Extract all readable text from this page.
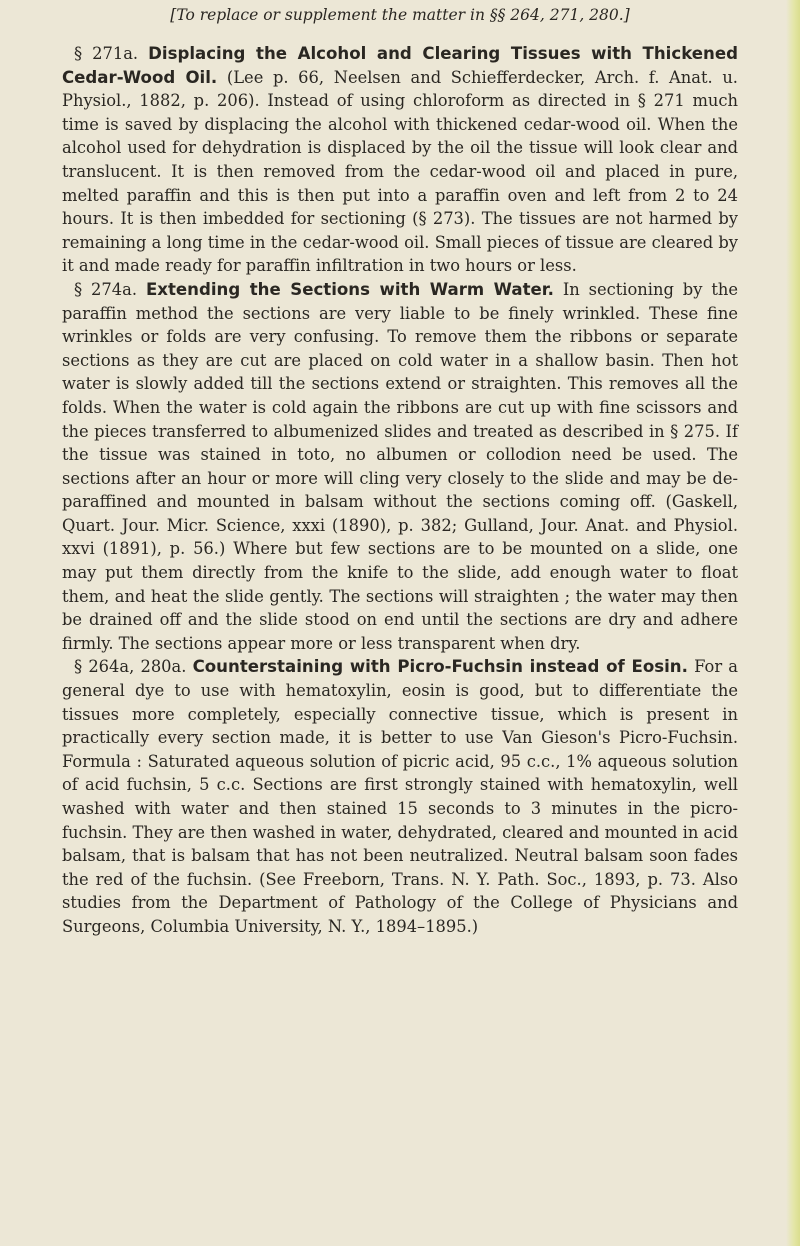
[To replace or supplement the matter in §§ 264, 271, 280.]

§ 271a. Displacing the Alcohol and Clearing Tissues with Thickened Cedar-Wood Oil. (Lee p. 66, Neelsen and Schiefferdecker, Arch. f. Anat. u. Physiol., 1882, p. 206). Instead of using chloroform as directed in § 271 much time is saved by displacing the alcohol with thickened cedar-wood oil. When the alcohol used for dehydration is displaced by the oil the tissue will look clear and translucent. It is then removed from the cedar-wood oil and placed in pure, melted paraffin and this is then put into a paraffin oven and left from 2 to 24 hours. It is then imbedded for sectioning (§ 273). The tissues are not harmed by remaining a long time in the cedar-wood oil. Small pieces of tissue are cleared by it and made ready for paraffin infiltration in two hours or less.

§ 274a. Extending the Sections with Warm Water. In sectioning by the paraffin method the sections are very liable to be finely wrinkled. These fine wrinkles or folds are very confusing. To remove them the ribbons or separate sections as they are cut are placed on cold water in a shallow basin. Then hot water is slowly added till the sections extend or straighten. This removes all the folds. When the water is cold again the ribbons are cut up with fine scissors and the pieces transferred to albumenized slides and treated as described in § 275. If the tissue was stained in toto, no albumen or collodion need be used. The sections after an hour or more will cling very closely to the slide and may be de-paraffined and mounted in balsam without the sections coming off. (Gaskell, Quart. Jour. Micr. Science, xxxi (1890), p. 382; Gulland, Jour. Anat. and Physiol. xxvi (1891), p. 56.) Where but few sections are to be mounted on a slide, one may put them directly from the knife to the slide, add enough water to float them, and heat the slide gently. The sections will straighten ; the water may then be drained off and the slide stood on end until the sections are dry and adhere firmly. The sections appear more or less transparent when dry.

§ 264a, 280a. Counterstaining with Picro-Fuchsin instead of Eosin. For a general dye to use with hematoxylin, eosin is good, but to differentiate the tissues more completely, especially connective tissue, which is present in practically every section made, it is better to use Van Gieson's Picro-Fuchsin. Formula : Saturated aqueous solution of picric acid, 95 c.c., 1% aqueous solution of acid fuchsin, 5 c.c. Sections are first strongly stained with hematoxylin, well washed with water and then stained 15 seconds to 3 minutes in the picro-fuchsin. They are then washed in water, dehydrated, cleared and mounted in acid balsam, that is balsam that has not been neutralized. Neutral balsam soon fades the red of the fuchsin. (See Freeborn, Trans. N. Y. Path. Soc., 1893, p. 73. Also studies from the Department of Pathology of the College of Physicians and Surgeons, Columbia University, N. Y., 1894–1895.)
